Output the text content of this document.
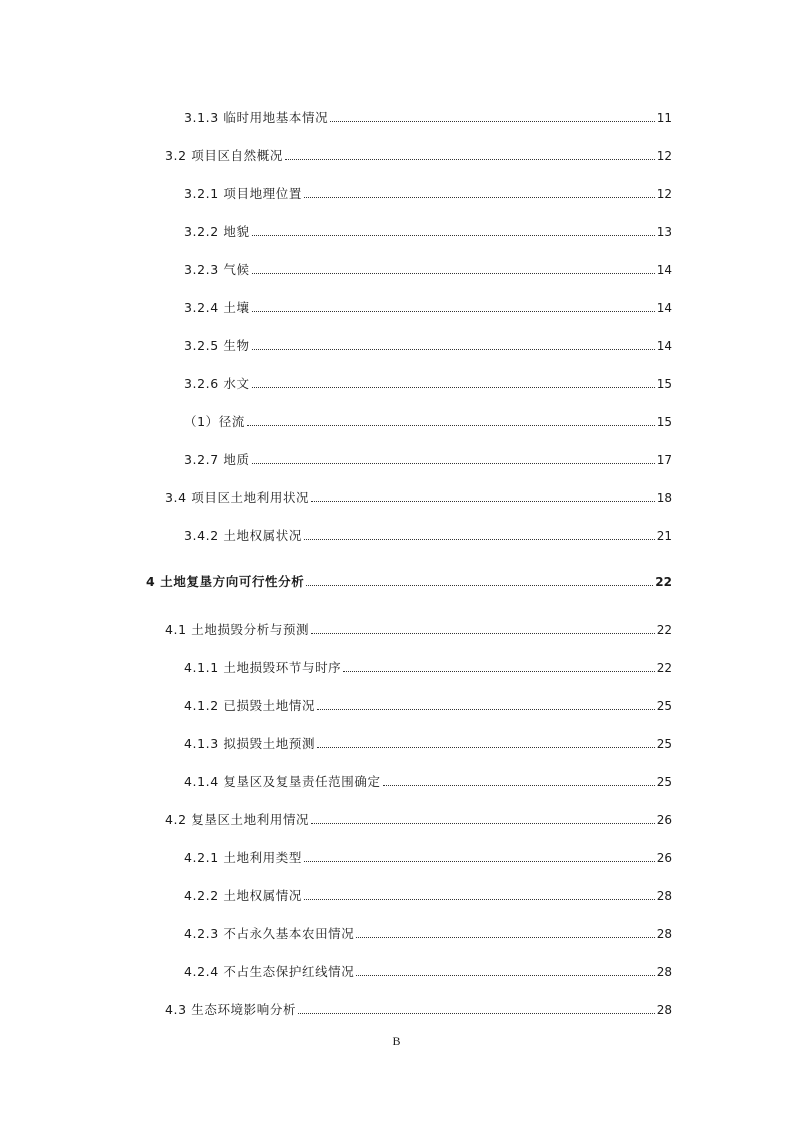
3.1.3 临时用地基本情况	11
3.2 项目区自然概况	12
3.2.1 项目地理位置	12
3.2.2 地貌	13
3.2.3 气候	14
3.2.4 土壤	14
3.2.5 生物	14
3.2.6 水文	15
（1）径流	15
3.2.7 地质	17
3.4 项目区土地利用状况	18
3.4.2 土地权属状况	21
4 土地复垦方向可行性分析	22
4.1 土地损毁分析与预测	22
4.1.1 土地损毁环节与时序	22
4.1.2 已损毁土地情况	25
4.1.3 拟损毁土地预测	25
4.1.4 复垦区及复垦责任范围确定	25
4.2 复垦区土地利用情况	26
4.2.1 土地利用类型	26
4.2.2 土地权属情况	28
4.2.3 不占永久基本农田情况	28
4.2.4 不占生态保护红线情况	28
4.3 生态环境影响分析	28
B
